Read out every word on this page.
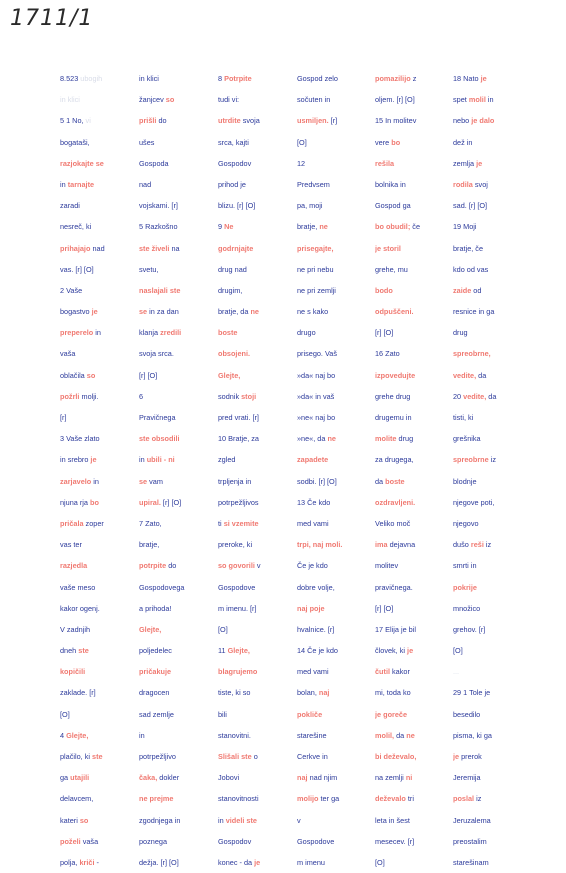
1711/1
8.523 ubogih
in klici
5 1 No, vi
bogataši,
razjokajte se
in tarnajte
zaradi
nesreč, ki
prihajajo nad
vas. [r] [O]
2 Vaše
bogastvo je
preperelo in
vaša
oblačila so
požrli molji.
[r]
3 Vaše zlato
in srebro je
zarjavelo in
njuna rja bo
pričala zoper
vas ter
razjedla
vaše meso
kakor ogenj.
V zadnjih
dneh ste
kopičili
zaklade. [r]
[O]
4 Glejte,
plačilo, ki ste
ga utajili
delavcem,
kateri so
poželi vaša
polja, kriči -
in klici
žanjcev so
prišli do
ušes
Gospoda
nad
vojskami. [r]
5 Razkošno
ste živeli na
svetu,
naslajali ste
se in za dan
klanja zredili
svoja srca.
[r] [O]
6
Pravičnega
ste obsodili
in ubili - ni
se vam
upiral. [r] [O]
7 Zato,
bratje,
potrpite do
Gospodovega
a prihoda!
Glejte,
poljedelec
pričakuje
dragocen
sad zemlje
in
potrpežljivo
čaka, dokler
ne prejme
zgodnjega in
poznega
dežja. [r] [O]
8 Potrpite
tudi vi:
utrdite svoja
srca, kajti
Gospodov
prihod je
blizu. [r] [O]
9 Ne
godrnjajte
drug nad
drugim,
bratje, da ne
boste
obsojeni.
Glejte,
sodnik stoji
pred vrati. [r]
10 Bratje, za
zgled
trpljenja in
potrpežljivos
ti si vzemite
preroke, ki
so govorili v
Gospodove
m imenu. [r]
[O]
11 Glejte,
blagrujemo
tiste, ki so
bili
stanovitni.
Slišali ste o
Jobovi
stanovitnosti
in videli ste
Gospodov
konec - da je
Gospod zelo
sočuten in
usmiljen. [r]
[O]
12
Predvsem
pa, moji
bratje, ne
prisegajte,
ne pri nebu
ne pri zemlji
ne s kako
drugo
prisego. Vaš
»da« naj bo
»da« in vaš
»ne« naj bo
»ne«, da ne
zapadete
sodbi. [r] [O]
13 Če kdo
med vami
trpi, naj moli.
Če je kdo
dobre volje,
naj poje
hvalnice. [r]
14 Če je kdo
med vami
bolan, naj
pokliče
starešine
Cerkve in
naj nad njim
molijo ter ga
v
Gospodove
m imenu
pomazilijo z
oljem. [r] [O]
15 In molitev
vere bo
rešila
bolnika in
Gospod ga
bo obudil; če
je storil
grehe, mu
bodo
odpuščeni.
[r] [O]
16 Zato
izpovedujte
grehe drug
drugemu in
molite drug
za drugega,
da boste
ozdravljeni.
Veliko moč
ima dejavna
molitev
pravičnega.
[r] [O]
17 Elija je bil
človek, ki je
čutil kakor
mi, toda ko
je goreče
molil, da ne
bi deževalo,
na zemlji ni
deževalo tri
leta in šest
mesecev. [r]
[O]
18 Nato je
spet molil in
nebo je dalo
dež in
zemlja je
rodila svoj
sad. [r] [O]
19 Moji
bratje, če
kdo od vas
zaide od
resnice in ga
drug
spreobrne,
vedite, da
20 vedite, da
tisti, ki
grešnika
spreobrne iz
blodnje
njegove poti,
njegovo
dušo reši iz
smrti in
pokrije
množico
grehov. [r]
[O]
...
29 1 Tole je
besedilo
pisma, ki ga
je prerok
Jeremija
poslal iz
Jeruzalema
preostalim
starešinam
